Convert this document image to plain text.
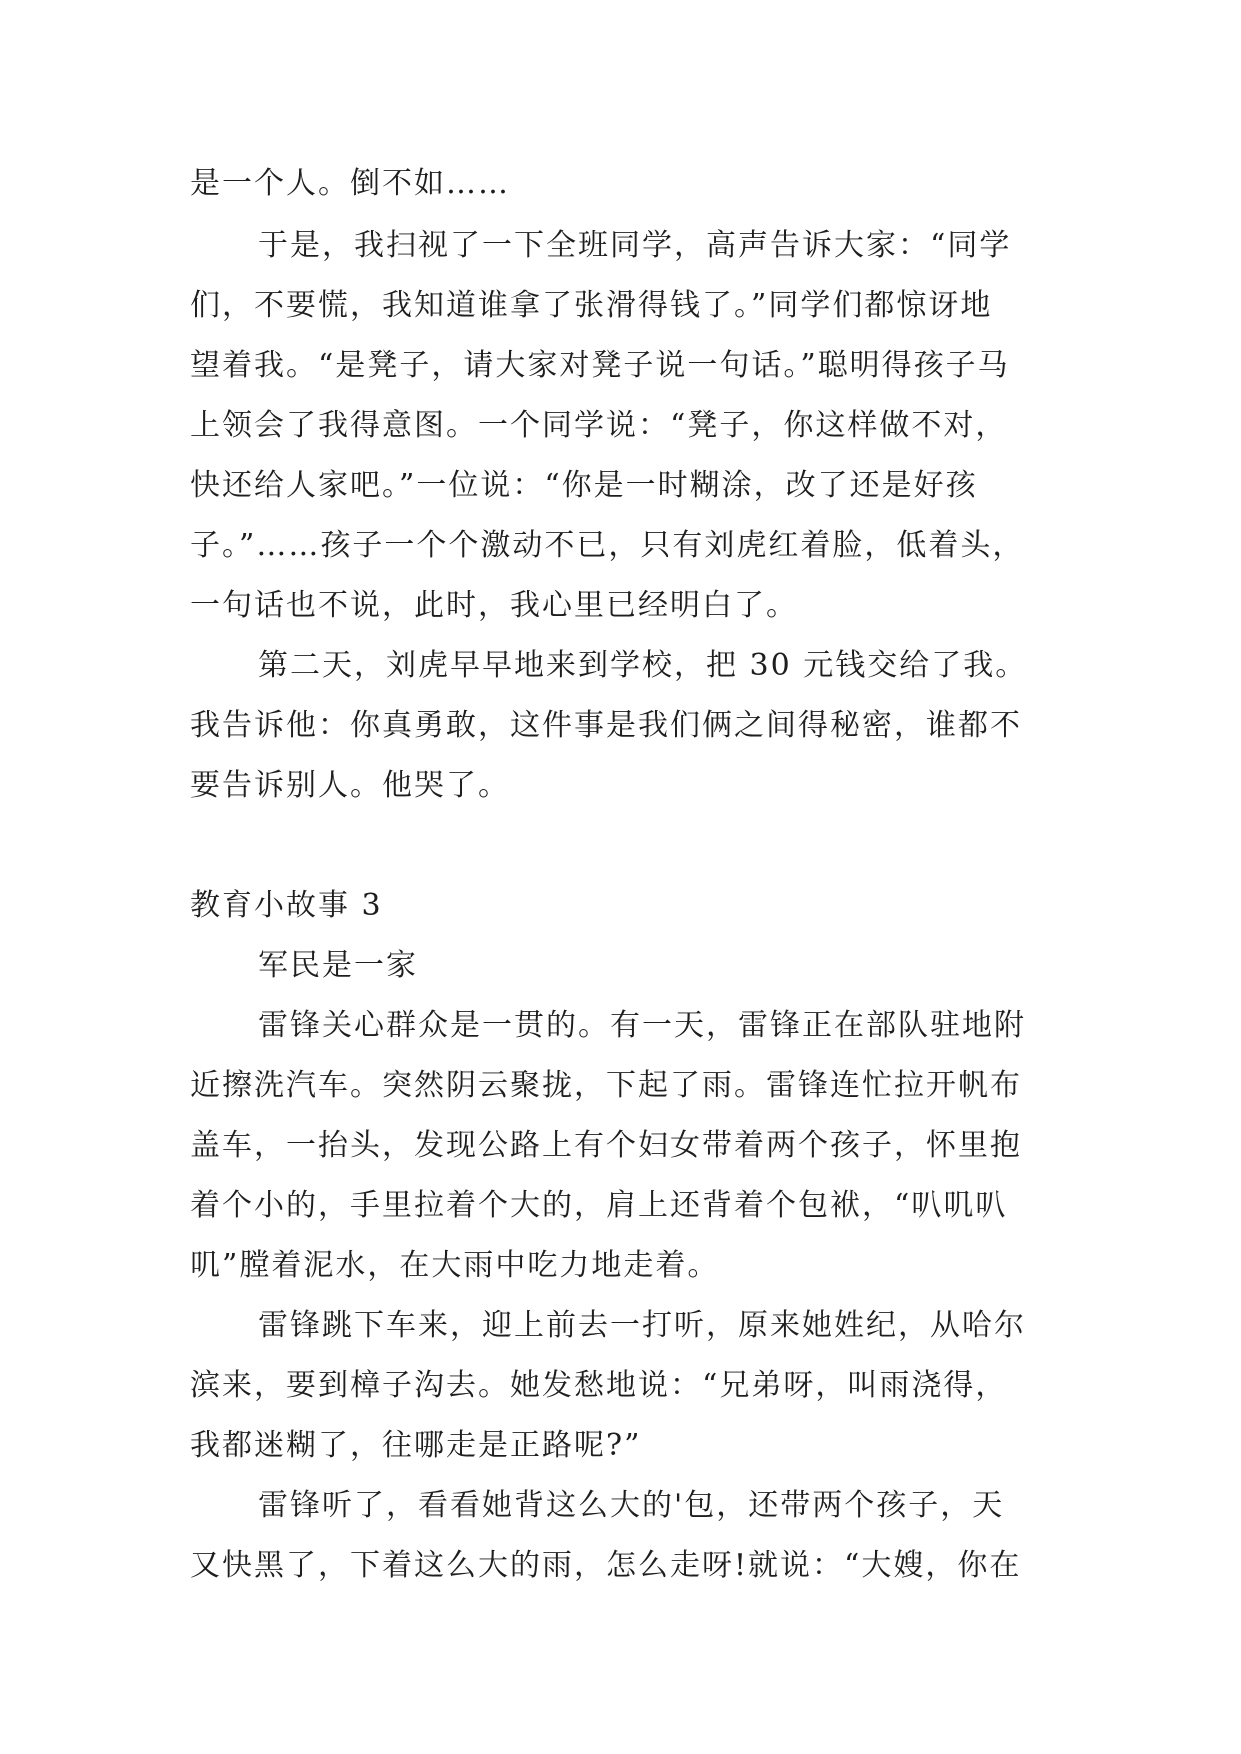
是一个人。倒不如……
于是，我扫视了一下全班同学，高声告诉大家：“同学
们，不要慌，我知道谁拿了张滑得钱了。”同学们都惊讶地
望着我。“是凳子，请大家对凳子说一句话。”聪明得孩子马
上领会了我得意图。一个同学说：“凳子，你这样做不对，
快还给人家吧。”一位说：“你是一时糊涂，改了还是好孩
子。”……孩子一个个激动不已，只有刘虎红着脸，低着头，
一句话也不说，此时，我心里已经明白了。
第二天，刘虎早早地来到学校，把 30 元钱交给了我。
我告诉他：你真勇敢，这件事是我们俩之间得秘密，谁都不
要告诉别人。他哭了。
教育小故事 3
军民是一家
雷锋关心群众是一贯的。有一天，雷锋正在部队驻地附
近擦洗汽车。突然阴云聚拢，下起了雨。雷锋连忙拉开帆布
盖车，一抬头，发现公路上有个妇女带着两个孩子，怀里抱
着个小的，手里拉着个大的，肩上还背着个包袱，“叭叽叭
叽”膛着泥水，在大雨中吃力地走着。
雷锋跳下车来，迎上前去一打听，原来她姓纪，从哈尔
滨来，要到樟子沟去。她发愁地说：“兄弟呀，叫雨浇得，
我都迷糊了，往哪走是正路呢?”
雷锋听了，看看她背这么大的'包，还带两个孩子，天
又快黑了，下着这么大的雨，怎么走呀!就说：“大嫂，你在
